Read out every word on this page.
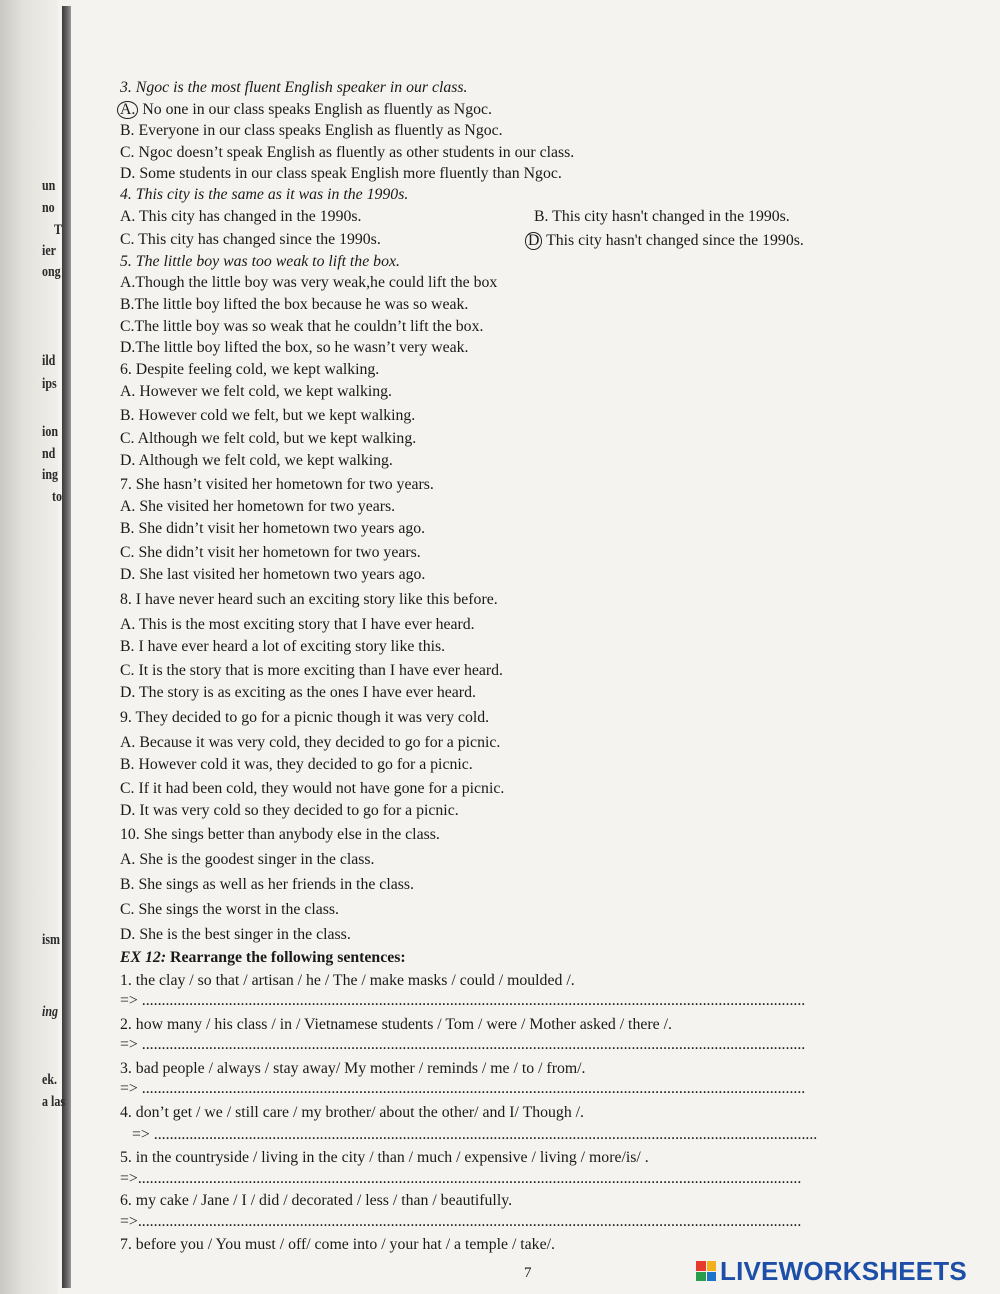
un
no
T
ier
ong
ild
ips
ion
nd
ing
to
ism
ing
ek.
a las
3. Ngoc is the most fluent English speaker in our class.
A. No one in our class speaks English as fluently as Ngoc.
B. Everyone in our class speaks English as fluently as Ngoc.
C. Ngoc doesn’t speak English as fluently as other students in our class.
D. Some students in our class speak English more fluently than Ngoc.
4. This city is the same as it was in the 1990s.
A. This city has changed in the 1990s.	B. This city hasn't changed in the 1990s.
C. This city has changed since the 1990s.	D This city hasn't changed since the 1990s.
5. The little boy was too weak to lift the box.
A.Though the little boy was very weak,he could lift the box
B.The little boy lifted the box because he was so weak.
C.The little boy was so weak that he couldn’t lift the box.
D.The little boy lifted the box, so he wasn’t very weak.
6. Despite feeling cold, we kept walking.
A. However we felt cold, we kept walking.
B. However cold we felt, but we kept walking.
C. Although we felt cold, but we kept walking.
D. Although we felt cold, we kept walking.
7. She hasn’t visited her hometown for two years.
A. She visited her hometown for two years.
B. She didn’t visit her hometown two years ago.
C. She didn’t visit her hometown for two years.
D. She last visited her hometown two years ago.
8. I have never heard such an exciting story like this before.
A. This is the most exciting story that I have ever heard.
B. I have ever heard a lot of exciting story like this.
C. It is the story that is more exciting than I have ever heard.
D. The story is as exciting as the ones I have ever heard.
9. They decided to go for a picnic though it was very cold.
A. Because it was very cold, they decided to go for a picnic.
B. However cold it was, they decided to go for a picnic.
C. If it had been cold, they would not have gone for a picnic.
D. It was very cold so they decided to go for a picnic.
10. She sings better than anybody else in the class.
A. She is the goodest singer in the class.
B. She sings as well as her friends in the class.
C. She sings the worst in the class.
D. She is the best singer in the class.
EX 12: Rearrange the following sentences:
1. the clay / so that / artisan / he / The / make masks / could / moulded /.
=> ........................................................................................................................................................................
2. how many / his class / in / Vietnamese students / Tom / were / Mother asked / there /.
=> ........................................................................................................................................................................
3. bad people / always / stay away/ My mother / reminds / me / to / from/.
=> ........................................................................................................................................................................
4. don’t get / we / still care / my brother/ about the other/ and I/ Though /.
=> ........................................................................................................................................................................
5. in the countryside / living in the city / than / much / expensive / living / more/is/ .
=>........................................................................................................................................................................
6. my cake / Jane / I / did / decorated / less / than / beautifully.
=>........................................................................................................................................................................
7. before you / You must / off/ come into / your hat / a temple / take/.
7	LIVEWORKSHEETS
